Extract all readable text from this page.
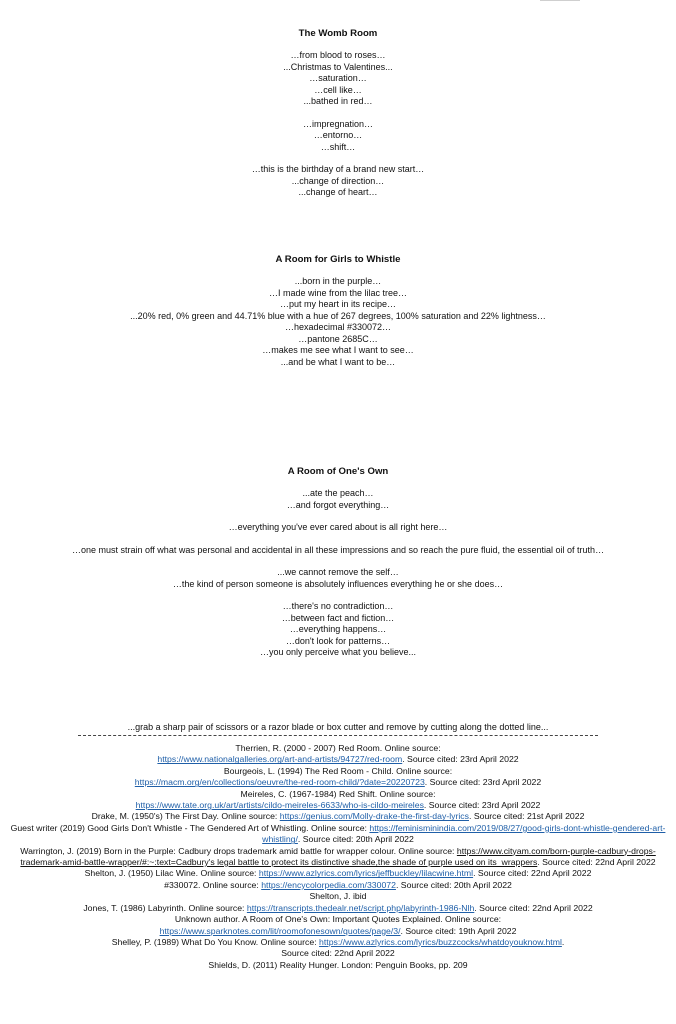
The Womb Room
…from blood to roses…
...Christmas to Valentines...
…saturation…
…cell like…
...bathed in red…
…impregnation…
…entorno…
…shift…
…this is the birthday of a brand new start…
...change of direction…
...change of heart…
A Room for Girls to Whistle
...born in the purple…
…I made wine from the lilac tree…
…put my heart in its recipe…
...20% red, 0% green and 44.71% blue with a hue of 267 degrees, 100% saturation and 22% lightness…
…hexadecimal #330072…
…pantone 2685C…
…makes me see what I want to see…
...and be what I want to be…
A Room of One's Own
...ate the peach…
…and forgot everything…
…everything you've ever cared about is all right here…
…one must strain off what was personal and accidental in all these impressions and so reach the pure fluid, the essential oil of truth…
...we cannot remove the self…
…the kind of person someone is absolutely influences everything he or she does…
…there's no contradiction…
…between fact and fiction…
…everything happens…
…don't look for patterns…
…you only perceive what you believe...
...grab a sharp pair of scissors or a razor blade or box cutter and remove by cutting along the dotted line...
Therrien, R. (2000 - 2007) Red Room. Online source:
https://www.nationalgalleries.org/art-and-artists/94727/red-room. Source cited: 23rd April 2022
Bourgeois, L. (1994) The Red Room - Child. Online source:
https://macm.org/en/collections/oeuvre/the-red-room-child/?date=20220723. Source cited: 23rd April 2022
Meireles, C. (1967-1984) Red Shift. Online source:
https://www.tate.org.uk/art/artists/cildo-meireles-6633/who-is-cildo-meireles. Source cited: 23rd April 2022
Drake, M. (1950's) The First Day. Online source: https://genius.com/Molly-drake-the-first-day-lyrics. Source cited: 21st April 2022
Guest writer (2019) Good Girls Don't Whistle - The Gendered Art of Whistling. Online source: https://feminisminindia.com/2019/08/27/good-girls-dont-whistle-gendered-art-whistling/. Source cited: 20th April 2022
Warrington, J. (2019) Born in the Purple: Cadbury drops trademark amid battle for wrapper colour. Online source: https://www.cityam.com/born-purple-cadbury-drops-trademark-amid-battle-wrapper/#:~:text=Cadbury's legal battle to protect its distinctive shade,the shade of purple used on its_wrappers. Source cited: 22nd April 2022
Shelton, J. (1950) Lilac Wine. Online source: https://www.azlyrics.com/lyrics/jeffbuckley/lilacwine.html. Source cited: 22nd April 2022
#330072. Online source: https://encycolorpedia.com/330072. Source cited: 20th April 2022
Shelton, J. ibid
Jones, T. (1986) Labyrinth. Online source: https://transcripts.thedealr.net/script.php/labyrinth-1986-Nlh. Source cited: 22nd April 2022
Unknown author. A Room of One's Own: Important Quotes Explained. Online source:
https://www.sparknotes.com/lit/roomofonesown/quotes/page/3/. Source cited: 19th April 2022
Shelley, P. (1989) What Do You Know. Online source: https://www.azlyrics.com/lyrics/buzzcocks/whatdoyouknow.html.
Source cited: 22nd April 2022
Shields, D. (2011) Reality Hunger. London: Penguin Books, pp. 209
